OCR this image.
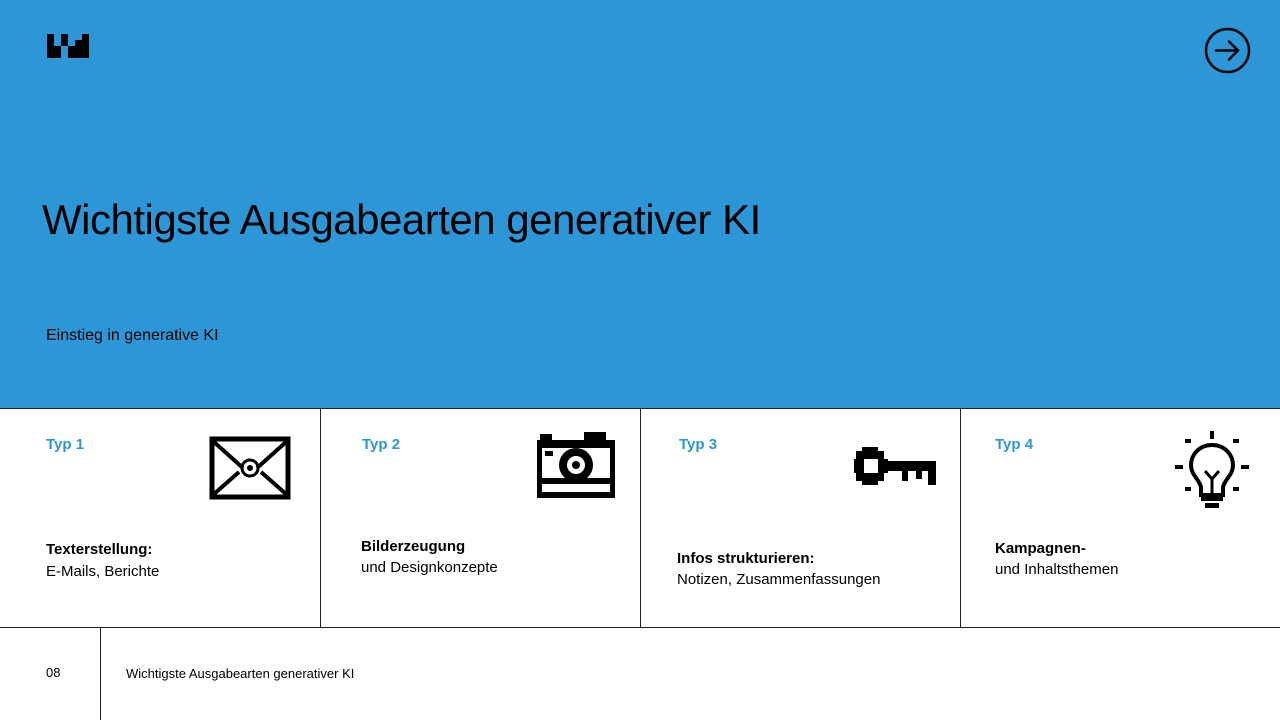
Wichtigste Ausgabearten generativer KI
Einstieg in generative KI
Typ 1
Texterstellung:
E-Mails, Berichte
Typ 2
Bilderzeugung
und Designkonzepte
Typ 3
Infos strukturieren:
Notizen, Zusammenfassungen
Typ 4
Kampagnen-
und Inhaltsthemen
08	Wichtigste Ausgabearten generativer KI
